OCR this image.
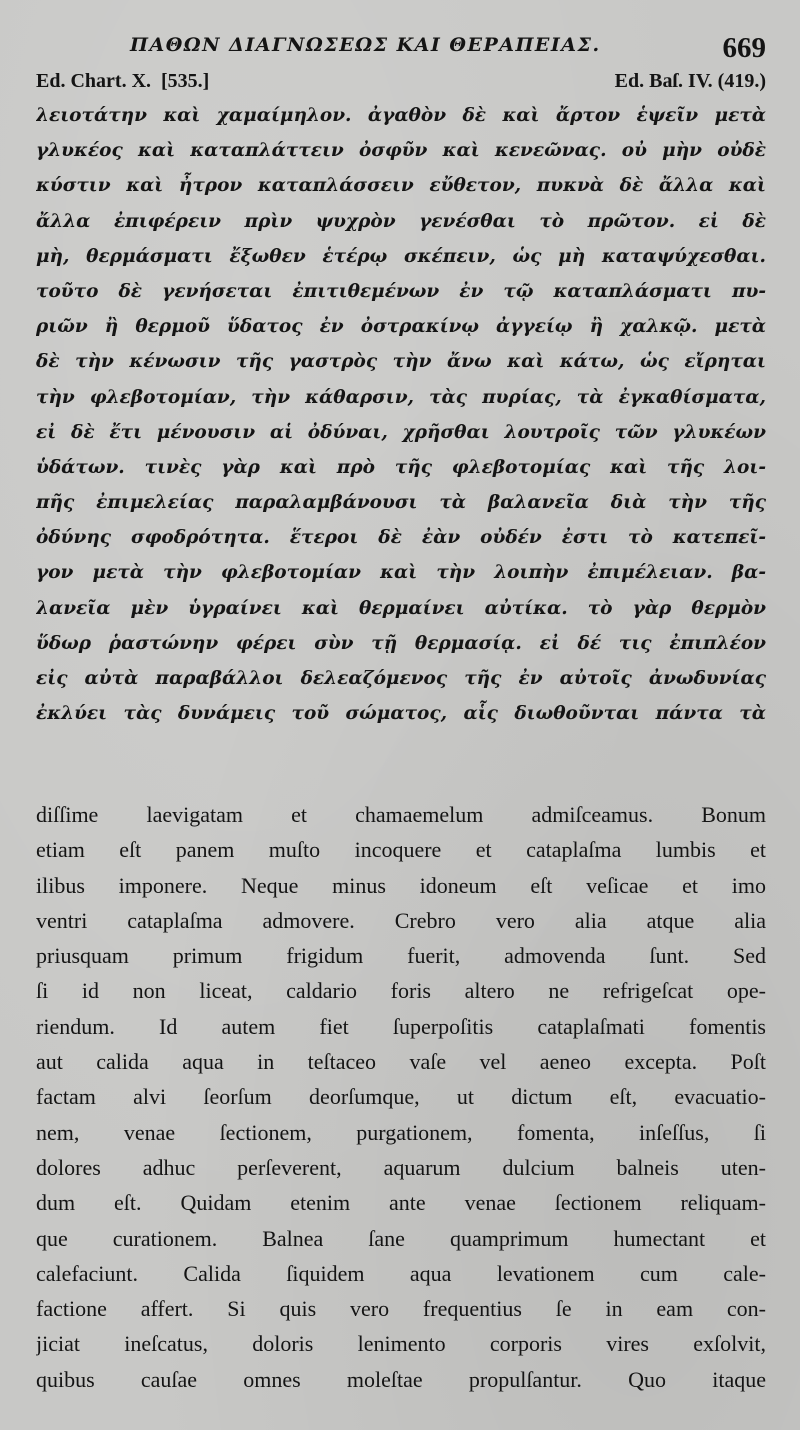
ΠΑΘΩΝ ΔΙΑΓΝΩΣΕΩΣ ΚΑΙ ΘΕΡΑΠΕΙΑΣ.	669
Ed. Chart. X.  [535.]	Ed. Baſ. IV. (419.)
λειοτάτην καὶ χαμαίμηλον. ἀγαθὸν δὲ καὶ ἄρτον ἑψεῖν μετὰ
γλυκέος καὶ καταπλάττειν ὀσφῦν καὶ κενεῶνας. οὐ μὴν οὐδὲ
κύστιν καὶ ἦτρον καταπλάσσειν εὔθετον, πυκνὰ δὲ ἄλλα καὶ
ἄλλα ἐπιφέρειν πρὶν ψυχρὸν γενέσθαι τὸ πρῶτον. εἰ δὲ
μὴ, θερμάσματι ἔξωθεν ἑτέρῳ σκέπειν, ὡς μὴ καταψύχεσθαι.
τοῦτο δὲ γενήσεται ἐπιτιθεμένων ἐν τῷ καταπλάσματι πυ-
ριῶν ἢ θερμοῦ ὕδατος ἐν ὀστρακίνῳ ἀγγείῳ ἢ χαλκῷ. μετὰ
δὲ τὴν κένωσιν τῆς γαστρὸς τὴν ἄνω καὶ κάτω, ὡς εἴρηται
τὴν φλεβοτομίαν, τὴν κάθαρσιν, τὰς πυρίας, τὰ ἐγκαθίσματα,
εἰ δὲ ἔτι μένουσιν αἱ ὀδύναι, χρῆσθαι λουτροῖς τῶν γλυκέων
ὑδάτων. τινὲς γὰρ καὶ πρὸ τῆς φλεβοτομίας καὶ τῆς λοι-
πῆς ἐπιμελείας παραλαμβάνουσι τὰ βαλανεῖα διὰ τὴν τῆς
ὀδύνης σφοδρότητα. ἕτεροι δὲ ἐὰν οὐδέν ἐστι τὸ κατεπεῖ-
γον μετὰ τὴν φλεβοτομίαν καὶ τὴν λοιπὴν ἐπιμέλειαν. βα-
λανεῖα μὲν ὑγραίνει καὶ θερμαίνει αὐτίκα. τὸ γὰρ θερμὸν
ὕδωρ ῥαστώνην φέρει σὺν τῇ θερμασίᾳ. εἰ δέ τις ἐπιπλέον
εἰς αὐτὰ παραβάλλοι δελεαζόμενος τῆς ἐν αὐτοῖς ἀνωδυνίας
ἐκλύει τὰς δυνάμεις τοῦ σώματος, αἷς διωθοῦνται πάντα τὰ
diſſime laevigatam et chamaemelum admiſceamus. Bonum
etiam eſt panem muſto incoquere et cataplaſma lumbis et
ilibus imponere. Neque minus idoneum eſt veſicae et imo
ventri cataplaſma admovere. Crebro vero alia atque alia
priusquam primum frigidum fuerit, admovenda ſunt. Sed
ſi id non liceat, caldario foris altero ne refrigeſcat ope-
riendum. Id autem fiet ſuperpoſitis cataplaſmati fomentis
aut calida aqua in teſtaceo vaſe vel aeneo excepta. Poſt
factam alvi ſeorſum deorſumque, ut dictum eſt, evacuatio-
nem, venae ſectionem, purgationem, fomenta, inſeſſus, ſi
dolores adhuc perſeverent, aquarum dulcium balneis uten-
dum eſt. Quidam etenim ante venae ſectionem reliquam-
que curationem. Balnea ſane quamprimum humectant et
calefaciunt. Calida ſiquidem aqua levationem cum cale-
factione affert. Si quis vero frequentius ſe in eam con-
jiciat ineſcatus, doloris lenimento corporis vires exſolvit,
quibus cauſae omnes moleſtae propulſantur. Quo itaque
